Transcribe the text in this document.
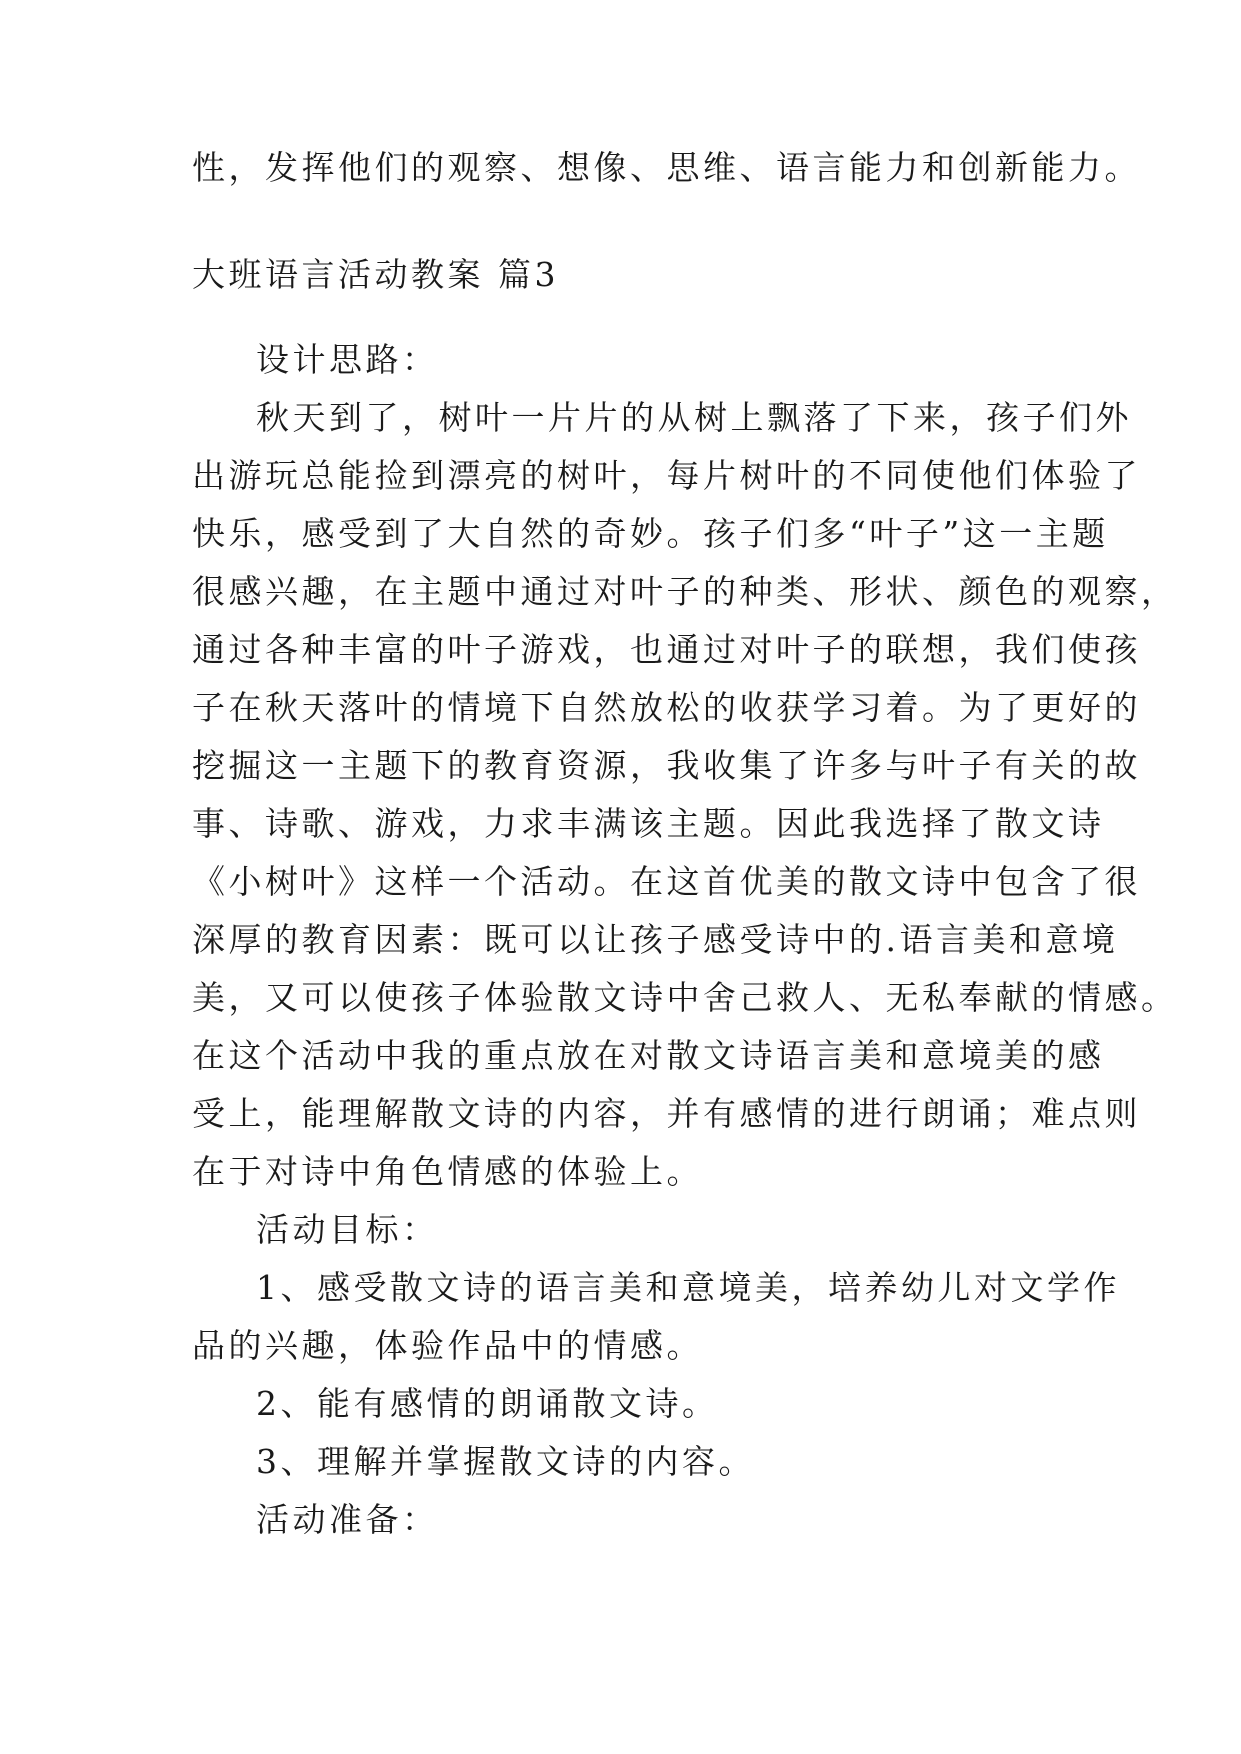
性，发挥他们的观察、想像、思维、语言能力和创新能力。
大班语言活动教案 篇3
设计思路：
秋天到了，树叶一片片的从树上飘落了下来，孩子们外
出游玩总能捡到漂亮的树叶，每片树叶的不同使他们体验了
快乐，感受到了大自然的奇妙。孩子们多“叶子”这一主题
很感兴趣，在主题中通过对叶子的种类、形状、颜色的观察，
通过各种丰富的叶子游戏，也通过对叶子的联想，我们使孩
子在秋天落叶的情境下自然放松的收获学习着。为了更好的
挖掘这一主题下的教育资源，我收集了许多与叶子有关的故
事、诗歌、游戏，力求丰满该主题。因此我选择了散文诗
《小树叶》这样一个活动。在这首优美的散文诗中包含了很
深厚的教育因素：既可以让孩子感受诗中的.语言美和意境
美，又可以使孩子体验散文诗中舍己救人、无私奉献的情感。
在这个活动中我的重点放在对散文诗语言美和意境美的感
受上，能理解散文诗的内容，并有感情的进行朗诵；难点则
在于对诗中角色情感的体验上。
活动目标：
1、感受散文诗的语言美和意境美，培养幼儿对文学作
品的兴趣，体验作品中的情感。
2、能有感情的朗诵散文诗。
3、理解并掌握散文诗的内容。
活动准备：
